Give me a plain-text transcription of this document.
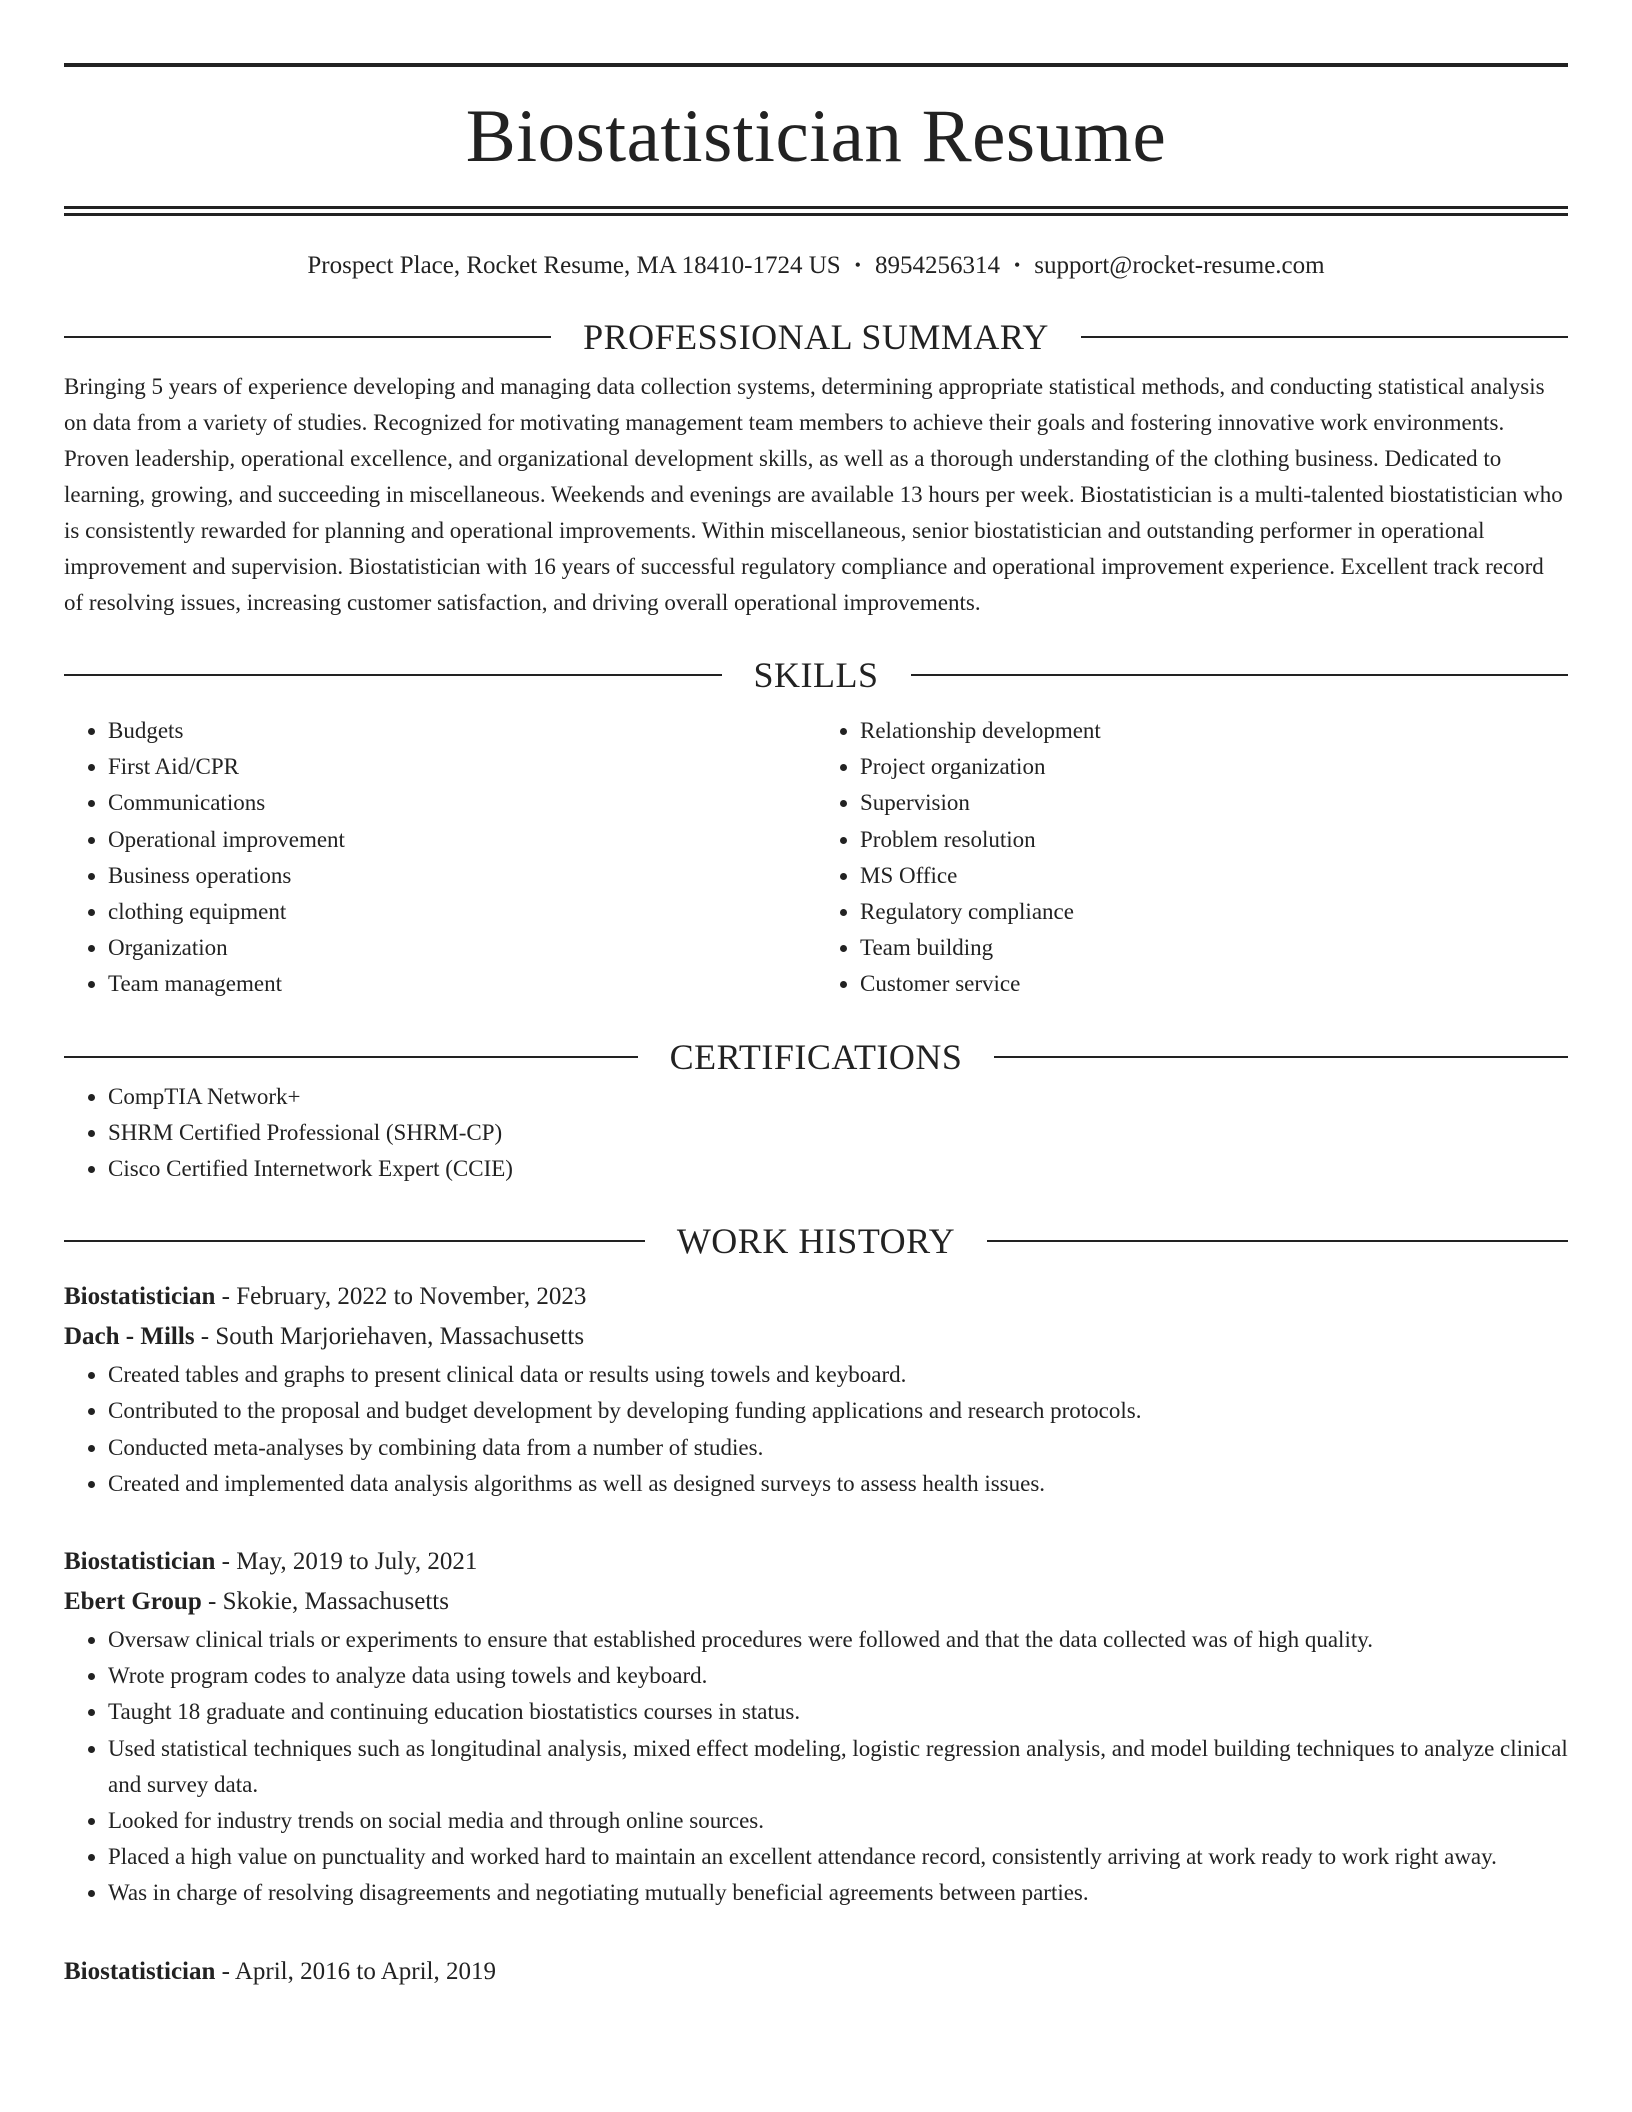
Biostatistician Resume
Prospect Place, Rocket Resume, MA 18410-1724 US • 8954256314 • support@rocket-resume.com
PROFESSIONAL SUMMARY

Bringing 5 years of experience developing and managing data collection systems, determining appropriate statistical methods, and conducting statistical analysis on data from a variety of studies. Recognized for motivating management team members to achieve their goals and fostering innovative work environments. Proven leadership, operational excellence, and organizational development skills, as well as a thorough understanding of the clothing business. Dedicated to learning, growing, and succeeding in miscellaneous. Weekends and evenings are available 13 hours per week. Biostatistician is a multi-talented biostatistician who is consistently rewarded for planning and operational improvements. Within miscellaneous, senior biostatistician and outstanding performer in operational improvement and supervision. Biostatistician with 16 years of successful regulatory compliance and operational improvement experience. Excellent track record of resolving issues, increasing customer satisfaction, and driving overall operational improvements.

SKILLS
• Budgets
• First Aid/CPR
• Communications
• Operational improvement
• Business operations
• clothing equipment
• Organization
• Team management
• Relationship development
• Project organization
• Supervision
• Problem resolution
• MS Office
• Regulatory compliance
• Team building
• Customer service
CERTIFICATIONS
• CompTIA Network+
• SHRM Certified Professional (SHRM-CP)
• Cisco Certified Internetwork Expert (CCIE)
WORK HISTORY
Biostatistician - February, 2022 to November, 2023
Dach - Mills - South Marjoriehaven, Massachusetts
• Created tables and graphs to present clinical data or results using towels and keyboard.
• Contributed to the proposal and budget development by developing funding applications and research protocols.
• Conducted meta-analyses by combining data from a number of studies.
• Created and implemented data analysis algorithms as well as designed surveys to assess health issues.
Biostatistician - May, 2019 to July, 2021
Ebert Group - Skokie, Massachusetts
• Oversaw clinical trials or experiments to ensure that established procedures were followed and that the data collected was of high quality.
• Wrote program codes to analyze data using towels and keyboard.
• Taught 18 graduate and continuing education biostatistics courses in status.
• Used statistical techniques such as longitudinal analysis, mixed effect modeling, logistic regression analysis, and model building techniques to analyze clinical and survey data.
• Looked for industry trends on social media and through online sources.
• Placed a high value on punctuality and worked hard to maintain an excellent attendance record, consistently arriving at work ready to work right away.
• Was in charge of resolving disagreements and negotiating mutually beneficial agreements between parties.
Biostatistician - April, 2016 to April, 2019
